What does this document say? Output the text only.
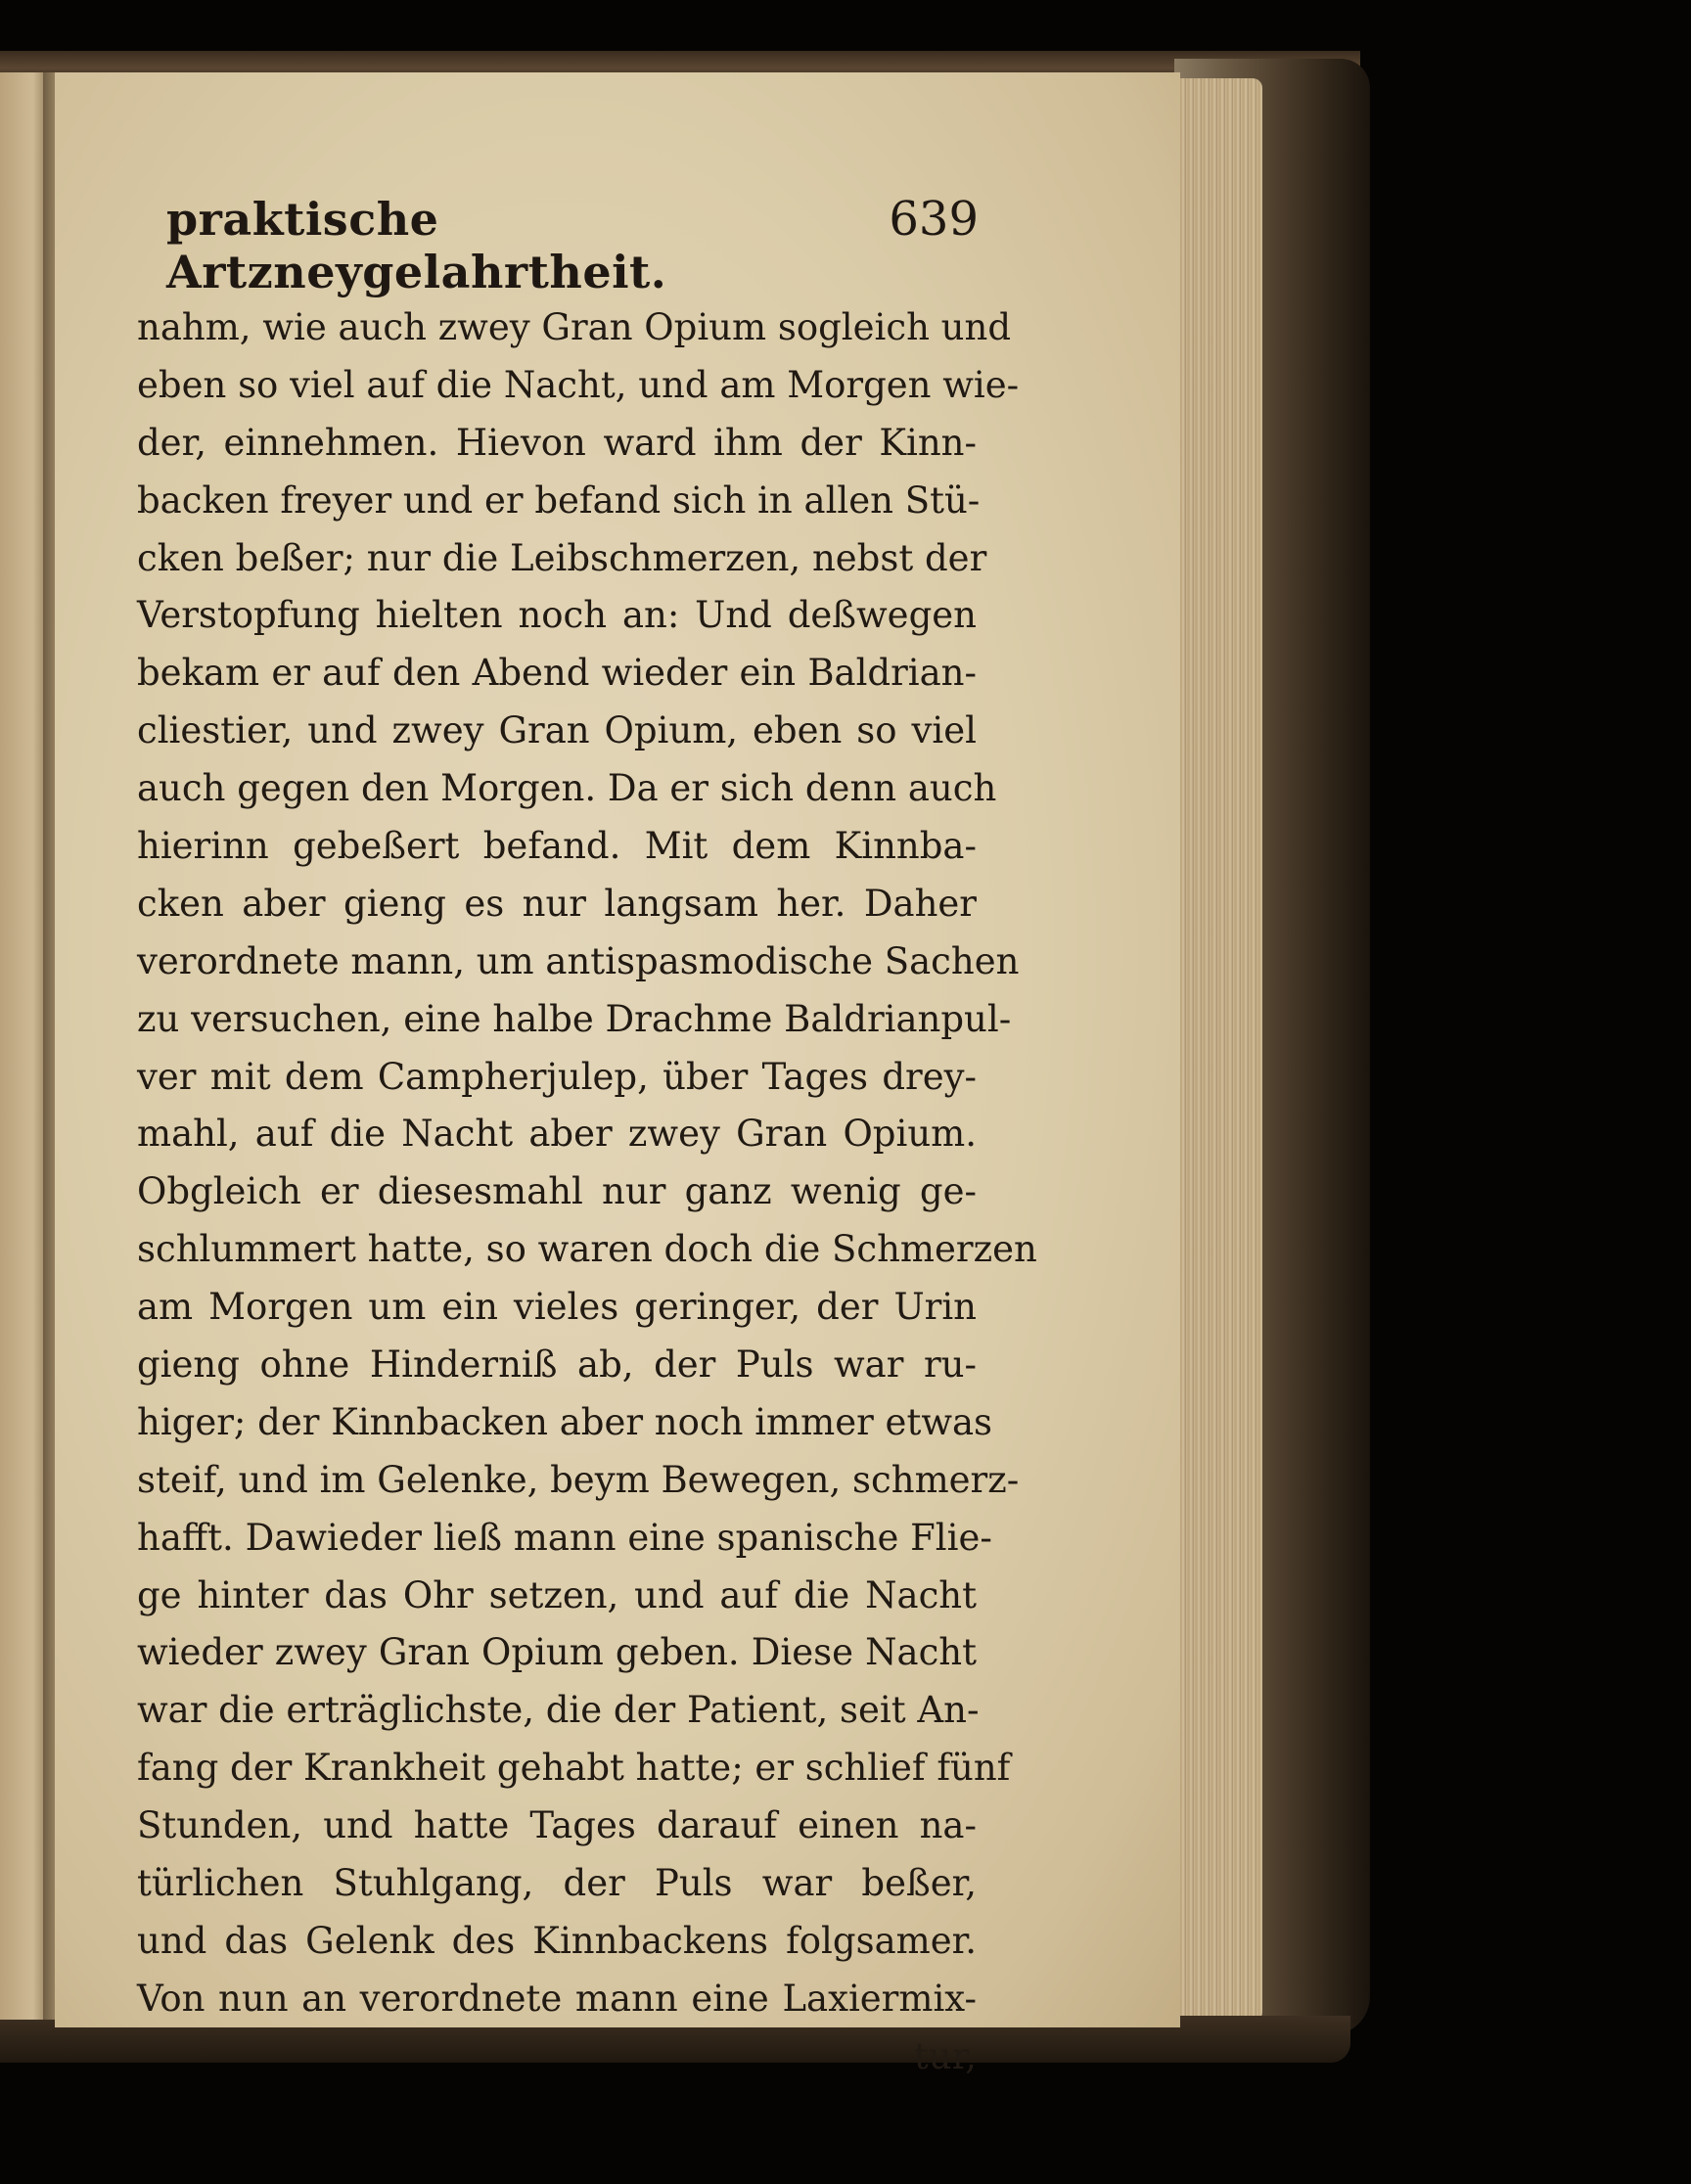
praktische Artzneygelahrtheit.
639
nahm, wie auch zwey Gran Opium sogleich und
eben so viel auf die Nacht, und am Morgen wie-
der, einnehmen. Hievon ward ihm der Kinn-
backen freyer und er befand sich in allen Stü-
cken beßer; nur die Leibschmerzen, nebst der
Verstopfung hielten noch an: Und deßwegen
bekam er auf den Abend wieder ein Baldrian-
cliestier, und zwey Gran Opium, eben so viel
auch gegen den Morgen. Da er sich denn auch
hierinn gebeßert befand. Mit dem Kinnba-
cken aber gieng es nur langsam her. Daher
verordnete mann, um antispasmodische Sachen
zu versuchen, eine halbe Drachme Baldrianpul-
ver mit dem Campherjulep, über Tages drey-
mahl, auf die Nacht aber zwey Gran Opium.
Obgleich er diesesmahl nur ganz wenig ge-
schlummert hatte, so waren doch die Schmerzen
am Morgen um ein vieles geringer, der Urin
gieng ohne Hinderniß ab, der Puls war ru-
higer; der Kinnbacken aber noch immer etwas
steif, und im Gelenke, beym Bewegen, schmerz-
hafft. Dawieder ließ mann eine spanische Flie-
ge hinter das Ohr setzen, und auf die Nacht
wieder zwey Gran Opium geben. Diese Nacht
war die erträglichste, die der Patient, seit An-
fang der Krankheit gehabt hatte; er schlief fünf
Stunden, und hatte Tages darauf einen na-
türlichen Stuhlgang, der Puls war beßer,
und das Gelenk des Kinnbackens folgsamer.
Von nun an verordnete mann eine Laxiermix-
tur,
